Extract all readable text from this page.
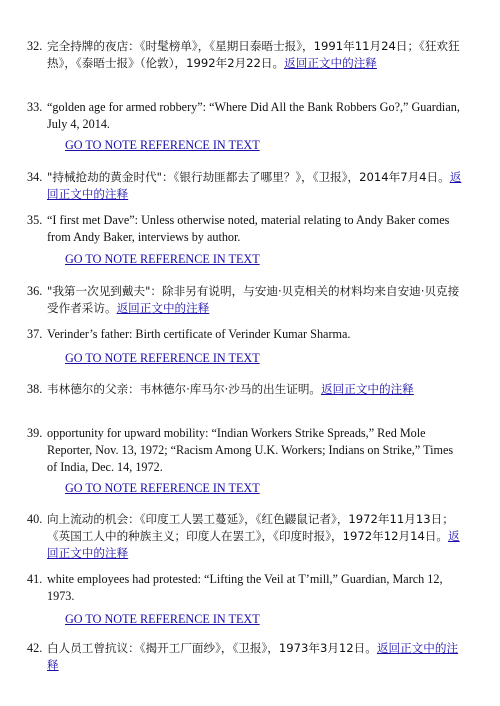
32. 完全持牌的夜店：《时髦榜单》，《星期日泰晤士报》，1991年11月24日；《狂欢狂热》，《泰晤士报》（伦敦），1992年2月22日。返回正文中的注释
33. “golden age for armed robbery”: “Where Did All the Bank Robbers Go?,” Guardian, July 4, 2014.
GO TO NOTE REFERENCE IN TEXT
34. "持械抢劫的黄金时代"：《银行劫匪都去了哪里？》，《卫报》，2014年7月4日。返回正文中的注释
35. “I first met Dave”: Unless otherwise noted, material relating to Andy Baker comes from Andy Baker, interviews by author.
GO TO NOTE REFERENCE IN TEXT
36. "我第一次见到戴夫"：除非另有说明，与安迪·贝克相关的材料均来自安迪·贝克接受作者采访。返回正文中的注释
37. Verinder’s father: Birth certificate of Verinder Kumar Sharma.
GO TO NOTE REFERENCE IN TEXT
38. 韦林德尔的父亲：韦林德尔·库马尔·沙马的出生证明。返回正文中的注释
39. opportunity for upward mobility: “Indian Workers Strike Spreads,” Red Mole Reporter, Nov. 13, 1972; “Racism Among U.K. Workers; Indians on Strike,” Times of India, Dec. 14, 1972.
GO TO NOTE REFERENCE IN TEXT
40. 向上流动的机会：《印度工人罢工蔓延》，《红色鼹鼠记者》，1972年11月13日；《英国工人中的种族主义；印度人在罢工》，《印度时报》，1972年12月14日。返回正文中的注释
41. white employees had protested: “Lifting the Veil at T’mill,” Guardian, March 12, 1973.
GO TO NOTE REFERENCE IN TEXT
42. 白人员工曾抗议：《揭开工厂面纱》，《卫报》，1973年3月12日。返回正文中的注释
